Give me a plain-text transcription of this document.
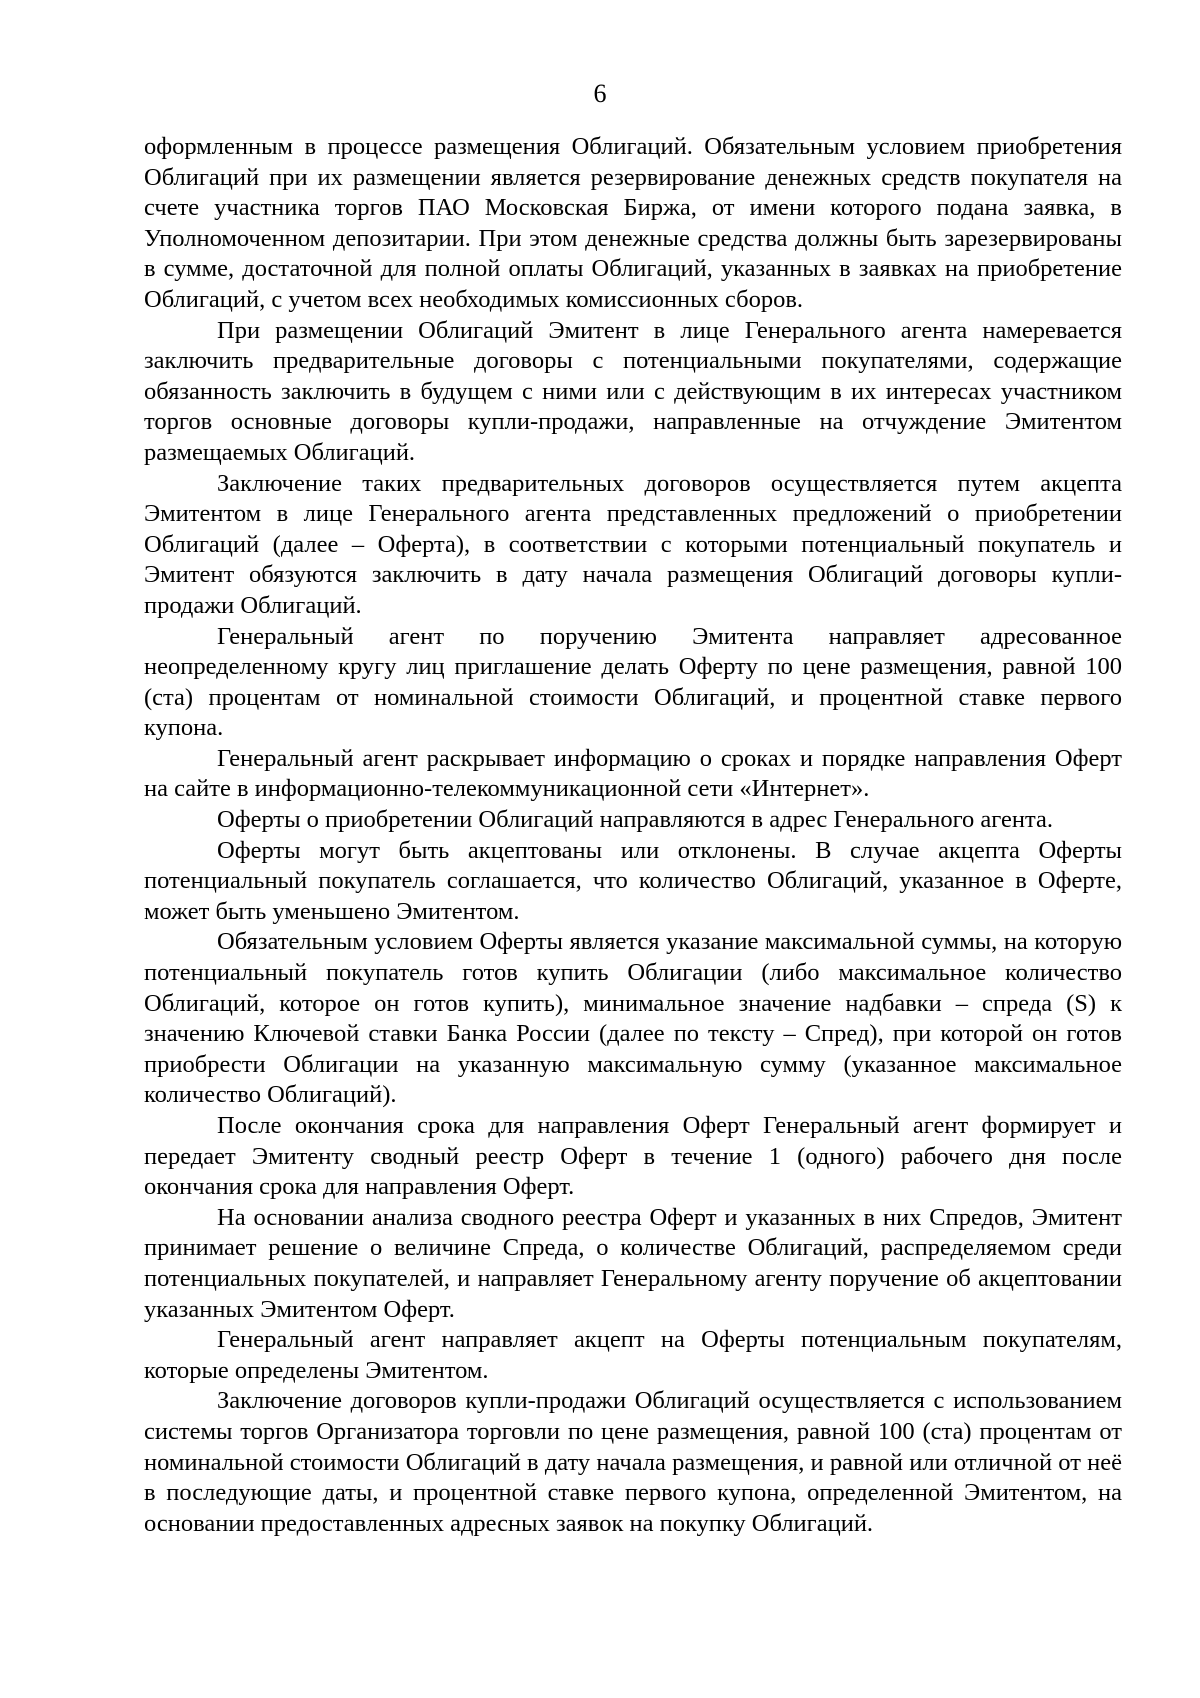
6

оформленным в процессе размещения Облигаций. Обязательным условием приобретения Облигаций при их размещении является резервирование денежных средств покупателя на счете участника торгов ПАО Московская Биржа, от имени которого подана заявка, в Уполномоченном депозитарии. При этом денежные средства должны быть зарезервированы в сумме, достаточной для полной оплаты Облигаций, указанных в заявках на приобретение Облигаций, с учетом всех необходимых комиссионных сборов.

При размещении Облигаций Эмитент в лице Генерального агента намеревается заключить предварительные договоры с потенциальными покупателями, содержащие обязанность заключить в будущем с ними или с действующим в их интересах участником торгов основные договоры купли-продажи, направленные на отчуждение Эмитентом размещаемых Облигаций.

Заключение таких предварительных договоров осуществляется путем акцепта Эмитентом в лице Генерального агента представленных предложений о приобретении Облигаций (далее – Оферта), в соответствии с которыми потенциальный покупатель и Эмитент обязуются заключить в дату начала размещения Облигаций договоры купли-продажи Облигаций.

Генеральный агент по поручению Эмитента направляет адресованное неопределенному кругу лиц приглашение делать Оферту по цене размещения, равной 100 (ста) процентам от номинальной стоимости Облигаций, и процентной ставке первого купона.

Генеральный агент раскрывает информацию о сроках и порядке направления Оферт на сайте в информационно-телекоммуникационной сети «Интернет».

Оферты о приобретении Облигаций направляются в адрес Генерального агента.

Оферты могут быть акцептованы или отклонены. В случае акцепта Оферты потенциальный покупатель соглашается, что количество Облигаций, указанное в Оферте, может быть уменьшено Эмитентом.

Обязательным условием Оферты является указание максимальной суммы, на которую потенциальный покупатель готов купить Облигации (либо максимальное количество Облигаций, которое он готов купить), минимальное значение надбавки – спреда (S) к значению Ключевой ставки Банка России (далее по тексту – Спред), при которой он готов приобрести Облигации на указанную максимальную сумму (указанное максимальное количество Облигаций).

После окончания срока для направления Оферт Генеральный агент формирует и передает Эмитенту сводный реестр Оферт в течение 1 (одного) рабочего дня после окончания срока для направления Оферт.

На основании анализа сводного реестра Оферт и указанных в них Спредов, Эмитент принимает решение о величине Спреда, о количестве Облигаций, распределяемом среди потенциальных покупателей, и направляет Генеральному агенту поручение об акцептовании указанных Эмитентом Оферт.

Генеральный агент направляет акцепт на Оферты потенциальным покупателям, которые определены Эмитентом.

Заключение договоров купли-продажи Облигаций осуществляется с использованием системы торгов Организатора торговли по цене размещения, равной 100 (ста) процентам от номинальной стоимости Облигаций в дату начала размещения, и равной или отличной от неё в последующие даты, и процентной ставке первого купона, определенной Эмитентом, на основании предоставленных адресных заявок на покупку Облигаций.
